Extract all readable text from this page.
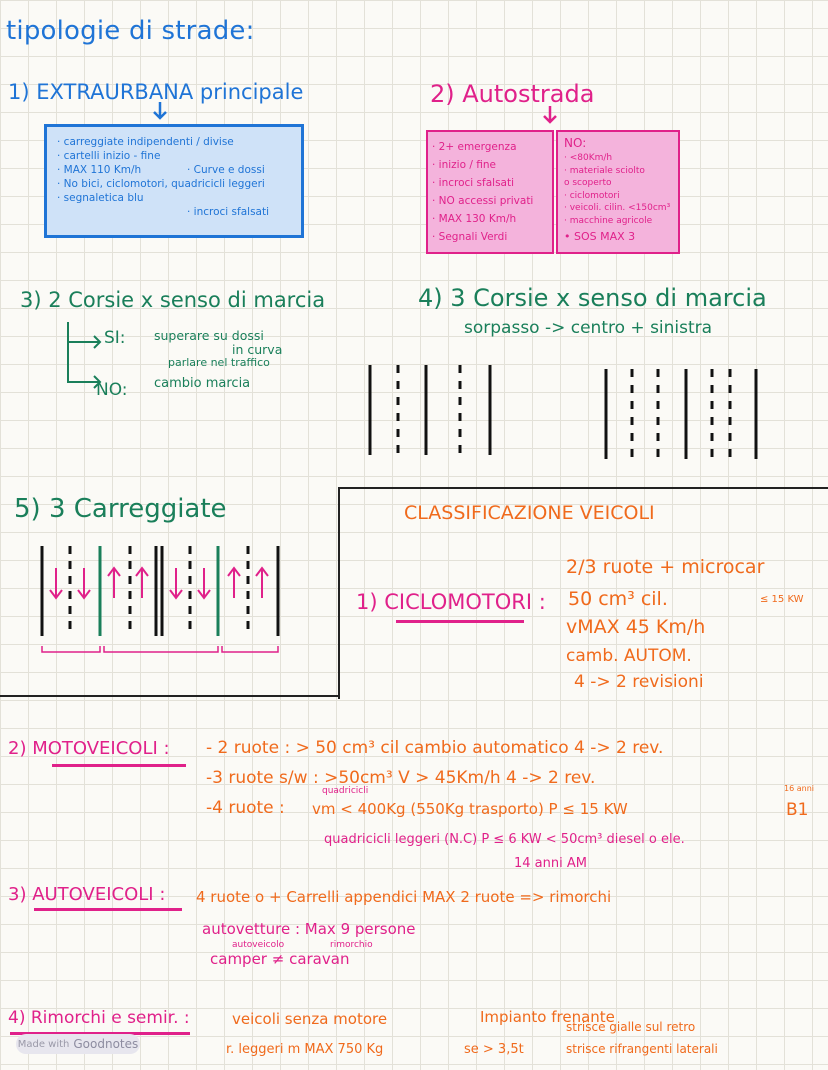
tipologie di strade:
1) EXTRAURBANA principale
· carreggiate indipendenti / divise
· cartelli inizio - fine
· MAX 110 Km/h
· No bici, ciclomotori, quadricicli leggeri
· segnaletica blu
· Curve e dossi
· incroci sfalsati
2) Autostrada
· 2+ emergenza
· inizio / fine
· incroci sfalsati
· NO accessi privati
· MAX 130 Km/h
· Segnali Verdi
NO:
· <80Km/h
· materiale sciolto
o scoperto
· ciclomotori
· veicoli. cilin. <150cm³
· macchine agricole
• SOS MAX 3
3) 2 Corsie x senso di marcia
SI: superare su dossi
in curva
parlare nel traffico
NO: cambio marcia
4) 3 Corsie x senso di marcia
sorpasso -> centro + sinistra
5) 3 Carreggiate	CLASSIFICAZIONE VEICOLI
1) CICLOMOTORI :
2/3 ruote + microcar
50 cm³ cil.
vMAX 45 Km/h
camb. AUTOM.
4 -> 2 revisioni
≤ 15 KW
2) MOTOVEICOLI : - 2 ruote : > 50 cm³ cil cambio automatico 4 -> 2 rev.
-3 ruote s/w : >50cm³ V > 45Km/h 4 -> 2 rev.
-4 ruote :
quadricicli
vm < 400Kg (550Kg trasporto) P ≤ 15 KW	B1
16 anni
quadricicli leggeri (N.C) P ≤ 6 KW < 50cm³ diesel o ele.
14 anni AM
3) AUTOVEICOLI : 4 ruote o + Carrelli appendici MAX 2 ruote => rimorchi
autovetture : Max 9 persone
autoveicolo	rimorchio
camper ≠ caravan
4) Rimorchi e semir. :	veicoli senza motore
r. leggeri m MAX 750 Kg
Impianto frenante
strisce gialle sul retro
se > 3,5t	strisce rifrangenti laterali
Made with Goodnotes
